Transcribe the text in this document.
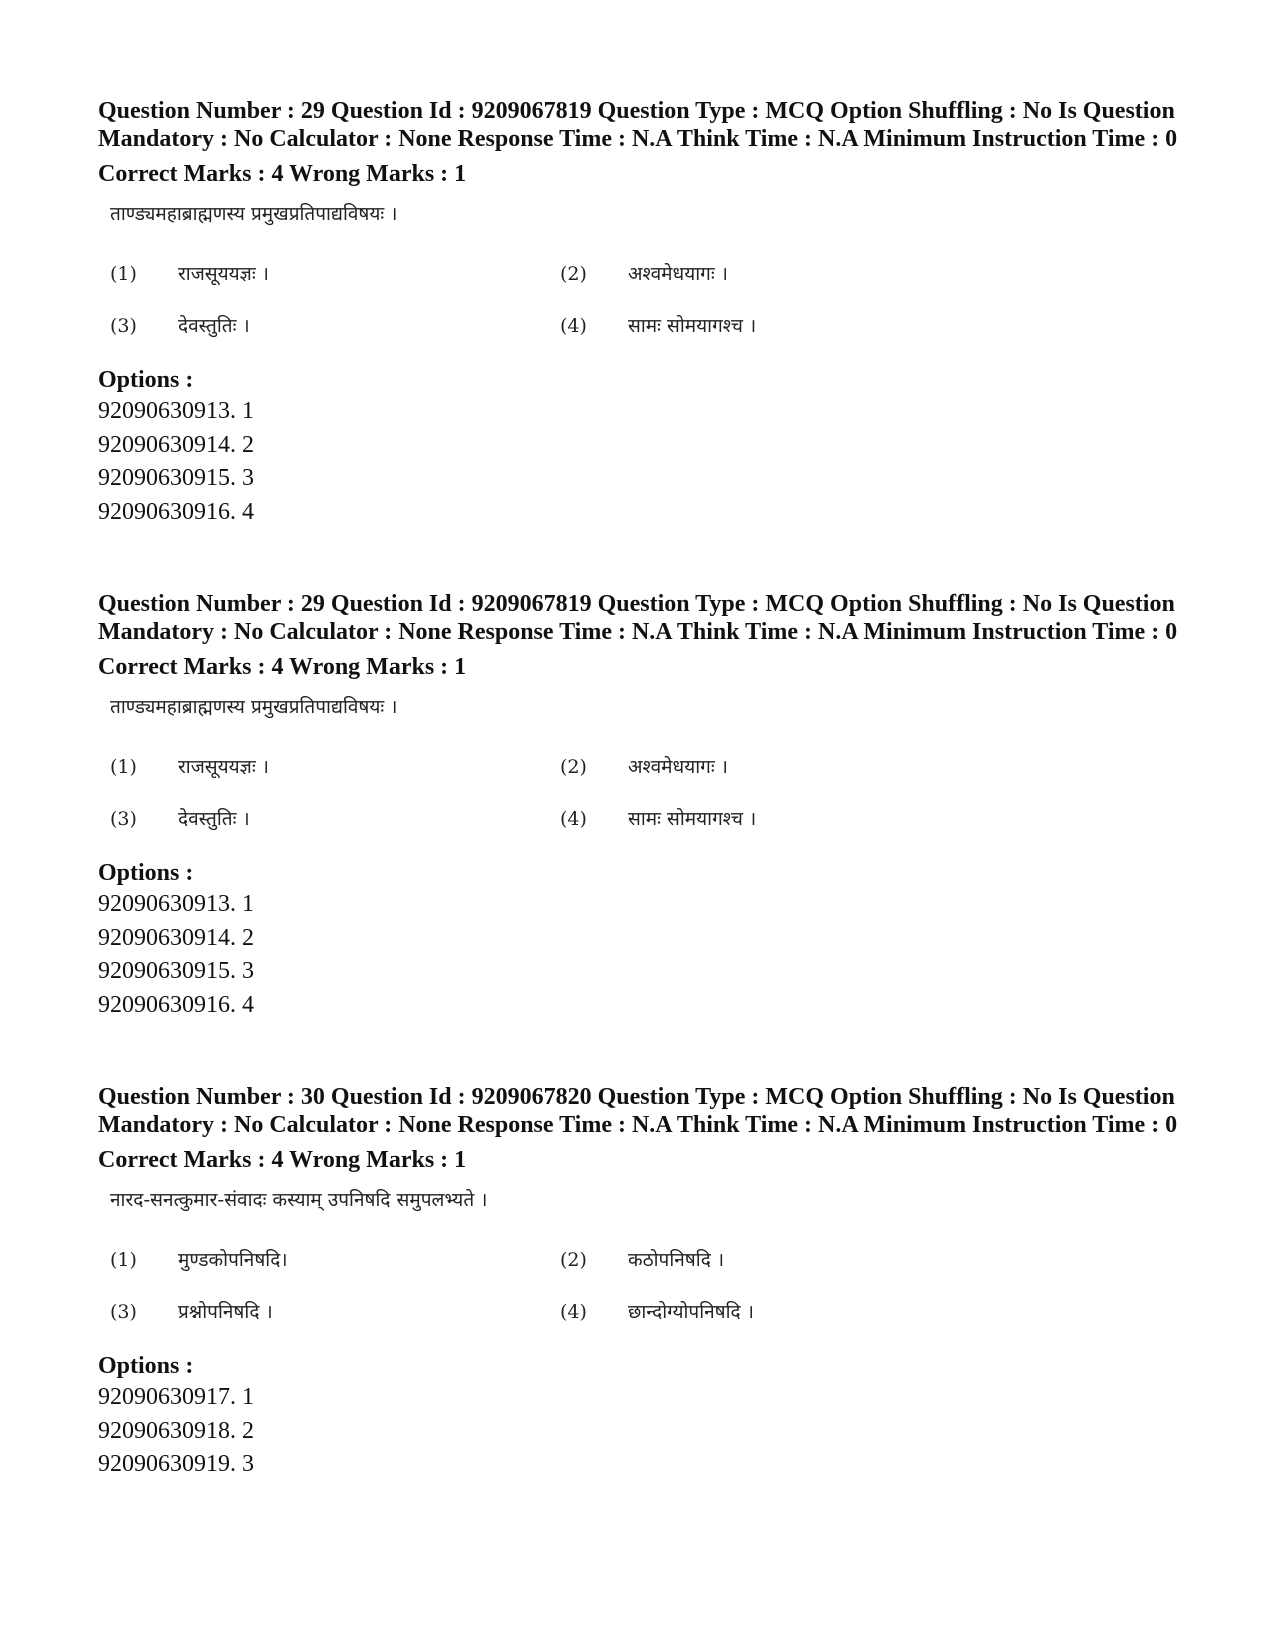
Question Number : 29 Question Id : 9209067819 Question Type : MCQ Option Shuffling : No Is Question Mandatory : No Calculator : None Response Time : N.A Think Time : N.A Minimum Instruction Time : 0

Correct Marks : 4 Wrong Marks : 1
ताण्ड्यमहाब्राह्मणस्य प्रमुखप्रतिपाद्यविषयः ।
(1)	राजसूययज्ञः ।	(2)	अश्वमेधयागः ।
(3)	देवस्तुतिः ।	(4)	सामः सोमयागश्च ।
Options :
92090630913. 1
92090630914. 2
92090630915. 3
92090630916. 4

Question Number : 29 Question Id : 9209067819 Question Type : MCQ Option Shuffling : No Is Question Mandatory : No Calculator : None Response Time : N.A Think Time : N.A Minimum Instruction Time : 0

Correct Marks : 4 Wrong Marks : 1
ताण्ड्यमहाब्राह्मणस्य प्रमुखप्रतिपाद्यविषयः ।
(1)	राजसूययज्ञः ।	(2)	अश्वमेधयागः ।
(3)	देवस्तुतिः ।	(4)	सामः सोमयागश्च ।
Options :
92090630913. 1
92090630914. 2
92090630915. 3
92090630916. 4

Question Number : 30 Question Id : 9209067820 Question Type : MCQ Option Shuffling : No Is Question Mandatory : No Calculator : None Response Time : N.A Think Time : N.A Minimum Instruction Time : 0

Correct Marks : 4 Wrong Marks : 1
नारद-सनत्कुमार-संवादः कस्याम् उपनिषदि समुपलभ्यते ।
(1)	मुण्डकोपनिषदि।	(2)	कठोपनिषदि ।
(3)	प्रश्नोपनिषदि ।	(4)	छान्दोग्योपनिषदि ।
Options :
92090630917. 1
92090630918. 2
92090630919. 3
